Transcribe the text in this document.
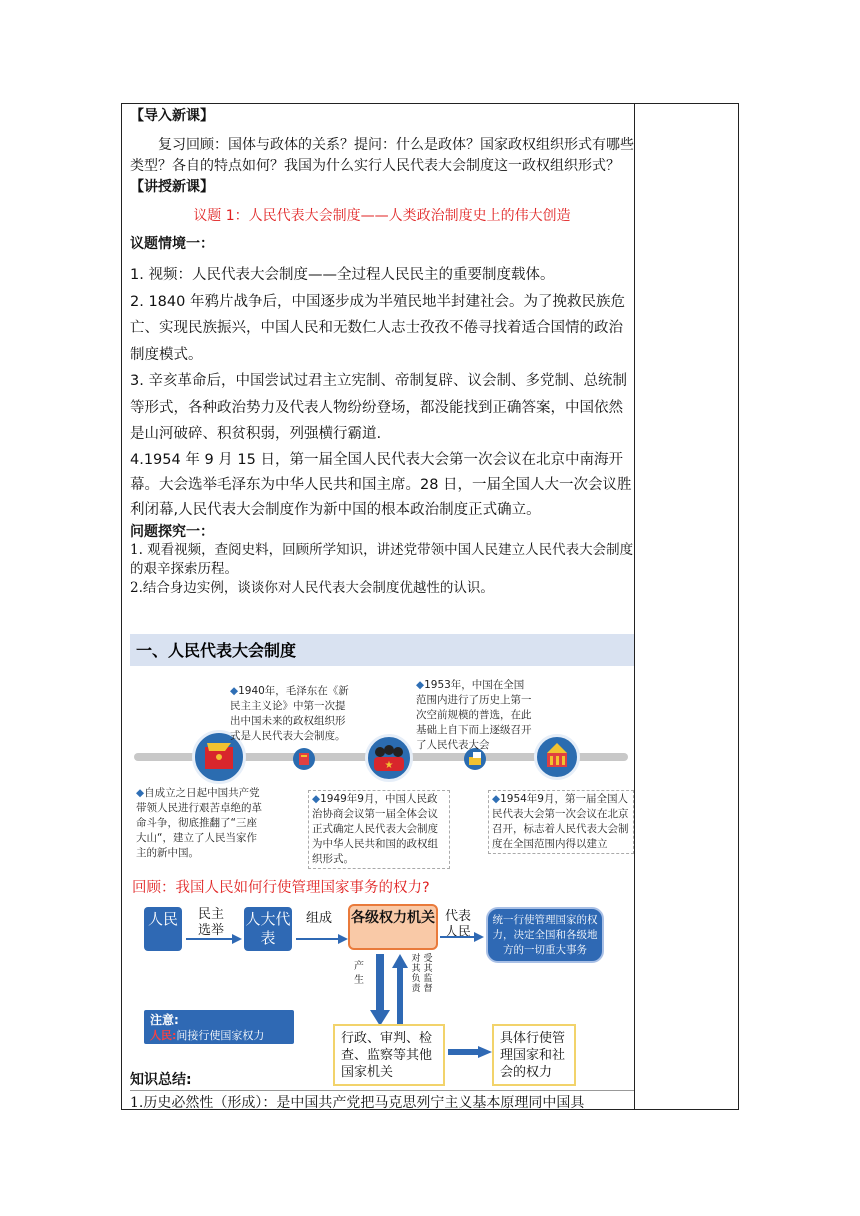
【导入新课】
复习回顾：国体与政体的关系？提问：什么是政体？国家政权组织形式有哪些类型？各自的特点如何？我国为什么实行人民代表大会制度这一政权组织形式？
【讲授新课】
议题 1：人民代表大会制度——人类政治制度史上的伟大创造
议题情境一：
1. 视频：人民代表大会制度——全过程人民民主的重要制度载体。
2. 1840 年鸦片战争后，中国逐步成为半殖民地半封建社会。为了挽救民族危亡、实现民族振兴，中国人民和无数仁人志士孜孜不倦寻找着适合国情的政治制度模式。
3. 辛亥革命后，中国尝试过君主立宪制、帝制复辟、议会制、多党制、总统制等形式，各种政治势力及代表人物纷纷登场，都没能找到正确答案，中国依然是山河破碎、积贫积弱，列强横行霸道.
4.1954 年 9 月 15 日，第一届全国人民代表大会第一次会议在北京中南海开幕。大会选举毛泽东为中华人民共和国主席。28 日，一届全国人大一次会议胜利闭幕,人民代表大会制度作为新中国的根本政治制度正式确立。
问题探究一：
1. 观看视频，查阅史料，回顾所学知识，讲述党带领中国人民建立人民代表大会制度的艰辛探索历程。
2.结合身边实例，谈谈你对人民代表大会制度优越性的认识。
一、人民代表大会制度
★
◆1940年，毛泽东在《新民主主义论》中第一次提出中国未来的政权组织形式是人民代表大会制度。
◆1953年，中国在全国范围内进行了历史上第一次空前规模的普选，在此基础上自下而上逐级召开了人民代表大会
◆自成立之日起中国共产党带领人民进行艰苦卓绝的革命斗争，彻底推翻了“三座大山“，建立了人民当家作主的新中国。
◆1949年9月，中国人民政治协商会议第一届全体会议正式确定人民代表大会制度为中华人民共和国的政权组织形式。
◆1954年9月，第一届全国人民代表大会第一次会议在北京召开，标志着人民代表大会制度在全国范围内得以建立
回顾：我国人民如何行使管理国家事务的权力?
人民	民主选举
人大代表
组成 各级权力机关 代表人民
统一行使管理国家的权力，决定全国和各级地方的一切重大事务
产生
对其负责
受其监督
行政、审判、检查、监察等其他国家机关
具体行使管理国家和社会的权力
注意:
人民:间接行使国家权力
知识总结:
1.历史必然性（形成）：是中国共产党把马克思列宁主义基本原理同中国具
